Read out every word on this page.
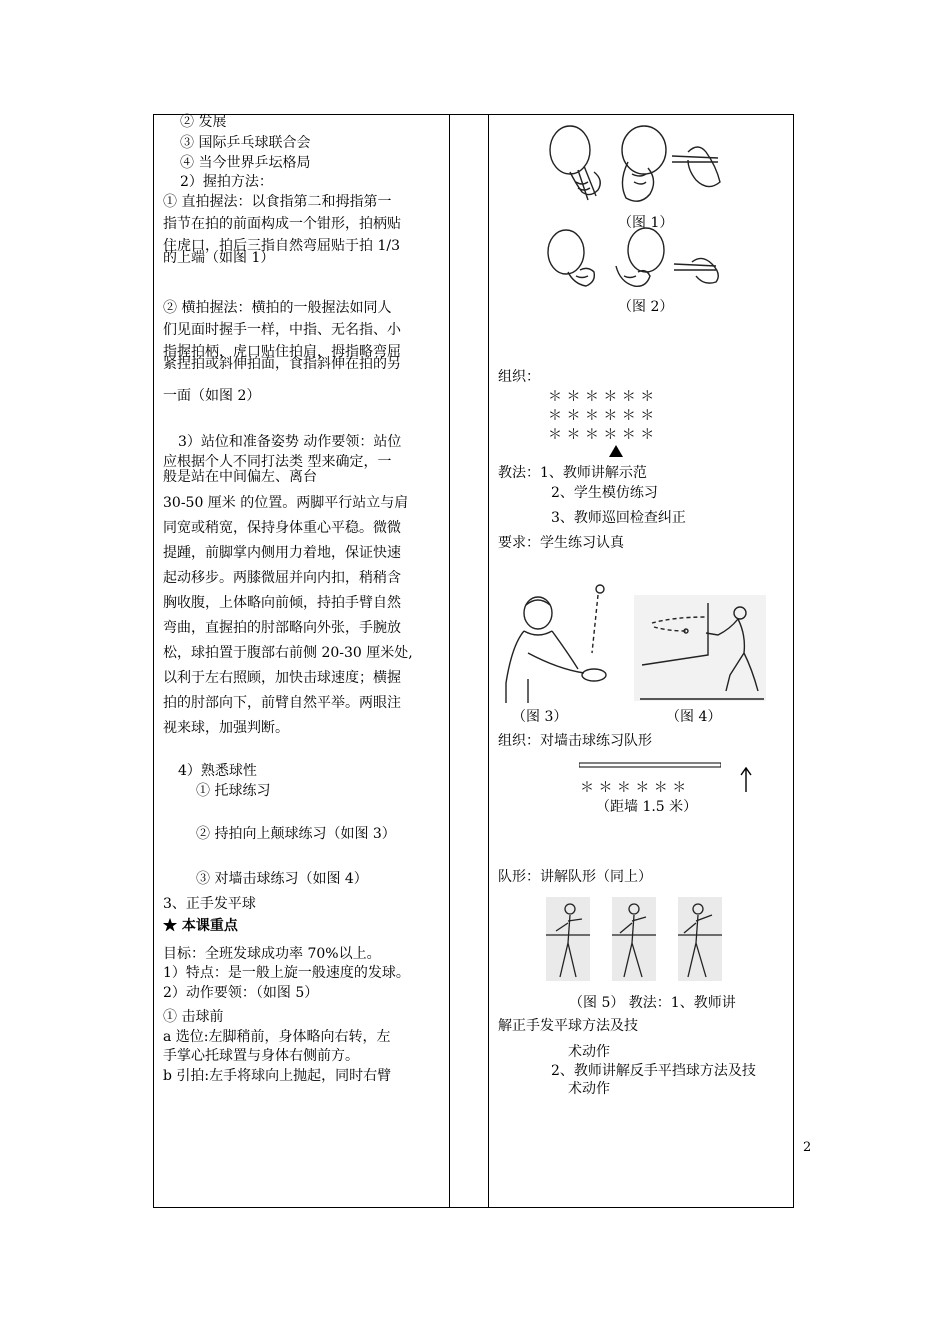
② 发展
③ 国际乒乓球联合会
④ 当今世界乒坛格局
2）握拍方法：
① 直拍握法：以食指第二和拇指第一
指节在拍的前面构成一个钳形，拍柄贴
住虎口，拍后三指自然弯屈贴于拍 1/3
的上端（如图 1）
② 横拍握法：横拍的一般握法如同人
们见面时握手一样，中指、无名指、小
指握拍柄，虎口贴住拍肩，拇指略弯屈
紧捏拍或斜伸拍面，食指斜伸在拍的另
一面（如图 2）
3）站位和准备姿势 动作要领：站位
应根据个人不同打法类 型来确定，一
般是站在中间偏左、离台
30-50 厘米 的位置。两脚平行站立与肩
同宽或稍宽，保持身体重心平稳。微微
提踵，前脚掌内侧用力着地，保证快速
起动移步。两膝微屈并向内扣，稍稍含
胸收腹，上体略向前倾，持拍手臂自然
弯曲，直握拍的肘部略向外张，手腕放
松，球拍置于腹部右前侧 20-30 厘米处,
以利于左右照顾，加快击球速度；横握
拍的肘部向下，前臂自然平举。两眼注
视来球，加强判断。
4）熟悉球性
① 托球练习
② 持拍向上颠球练习（如图 3）
③ 对墙击球练习（如图 4）
3、正手发平球
★ 本课重点
目标：全班发球成功率 70%以上。
1）特点：是一般上旋一般速度的发球。
2）动作要领：（如图 5）
① 击球前
a 选位:左脚稍前，身体略向右转，左
手掌心托球置与身体右侧前方。
b 引拍:左手将球向上抛起，同时右臂
（图 1）
（图 2）
组织：
＊ ＊ ＊ ＊ ＊ ＊
＊ ＊ ＊ ＊ ＊ ＊
＊ ＊ ＊ ＊ ＊ ＊
教法：1、教师讲解示范
2、学生模仿练习
3、教师巡回检查纠正
要求：学生练习认真
（图 3）	（图 4）
组织：对墙击球练习队形
＊ ＊ ＊ ＊ ＊ ＊
（距墙 1.5 米）
队形：讲解队形（同上）
（图 5） 教法：1、教师讲
解正手发平球方法及技
术动作
2、教师讲解反手平挡球方法及技
术动作
2
